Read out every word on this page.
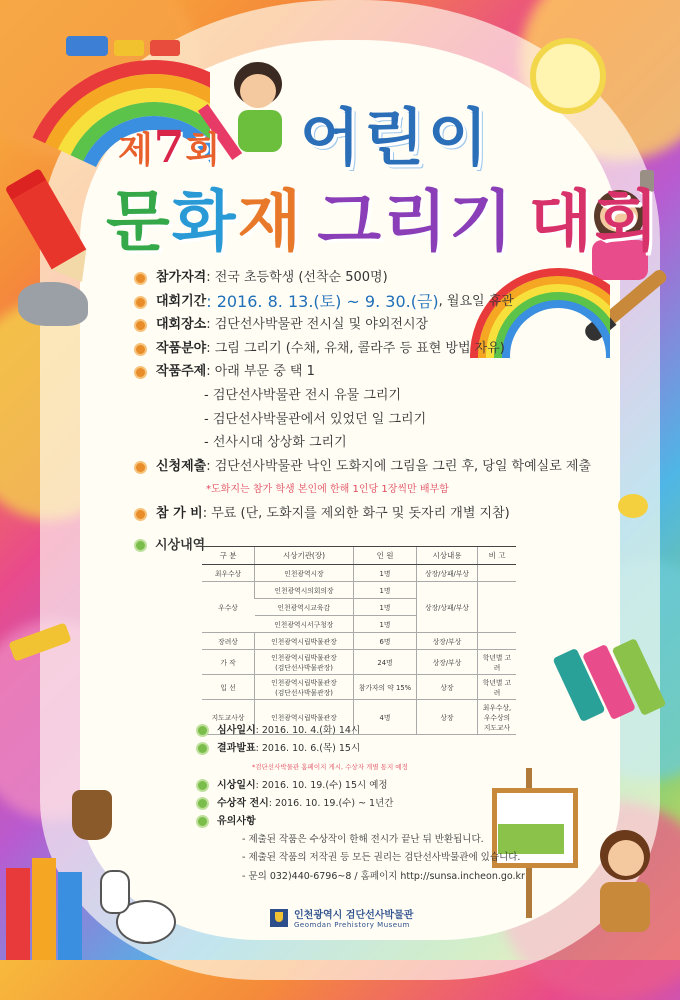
제7회 어린이
문화재 그리기 대회
참가자격 : 전국 초등학생 (선착순 500명)
대회기간 : 2016. 8. 13.(토) ~ 9. 30.(금) , 월요일 휴관
대회장소 : 검단선사박물관 전시실 및 야외전시장
작품분야 : 그림 그리기 (수채, 유채, 콜라주 등 표현 방법 자유)
작품주제 : 아래 부문 중 택 1
- 검단선사박물관 전시 유물 그리기
- 검단선사박물관에서 있었던 일 그리기
- 선사시대 상상화 그리기
신청제출 : 검단선사박물관 낙인 도화지에 그림을 그린 후, 당일 학예실로 제출
*도화지는 참가 학생 본인에 한해 1인당 1장씩만 배부함
참 가 비 : 무료 (단, 도화지를 제외한 화구 및 돗자리 개별 지참)
시상내역
구 분	시상기관(장)	인 원	시상내용	비 고
최우수상	인천광역시장	1명	상장/상패/부상	
우수상	인천광역시의회의장	1명	상장/상패/부상	
	인천광역시교육감	1명		
	인천광역시서구청장	1명		
장려상	인천광역시립박물관장	6명	상장/부상	
가 작	인천광역시립박물관장
(검단선사박물관장)	24명	상장/부상	학년별 고려
입 선	인천광역시립박물관장
(검단선사박물관장)	참가자의 약 15%	상장	학년별 고려
지도교사상	인천광역시립박물관장	4명	상장	최우수상,
우수상의
지도교사
심사일시: 2016. 10. 4.(화) 14시
결과발표: 2016. 10. 6.(목) 15시
*검단선사박물관 홈페이지 게시, 수상자 개별 통지 예정
시상일시: 2016. 10. 19.(수) 15시 예정
수상작 전시: 2016. 10. 19.(수) ~ 1년간
유의사항
- 제출된 작품은 수상작이 한해 전시가 끝난 뒤 반환됩니다.
- 제출된 작품의 저작권 등 모든 권리는 검단선사박물관에 있습니다.
- 문의 032)440-6796~8 / 홈페이지 http://sunsa.incheon.go.kr
인천광역시 검단선사박물관
Geomdan Prehistory Museum
